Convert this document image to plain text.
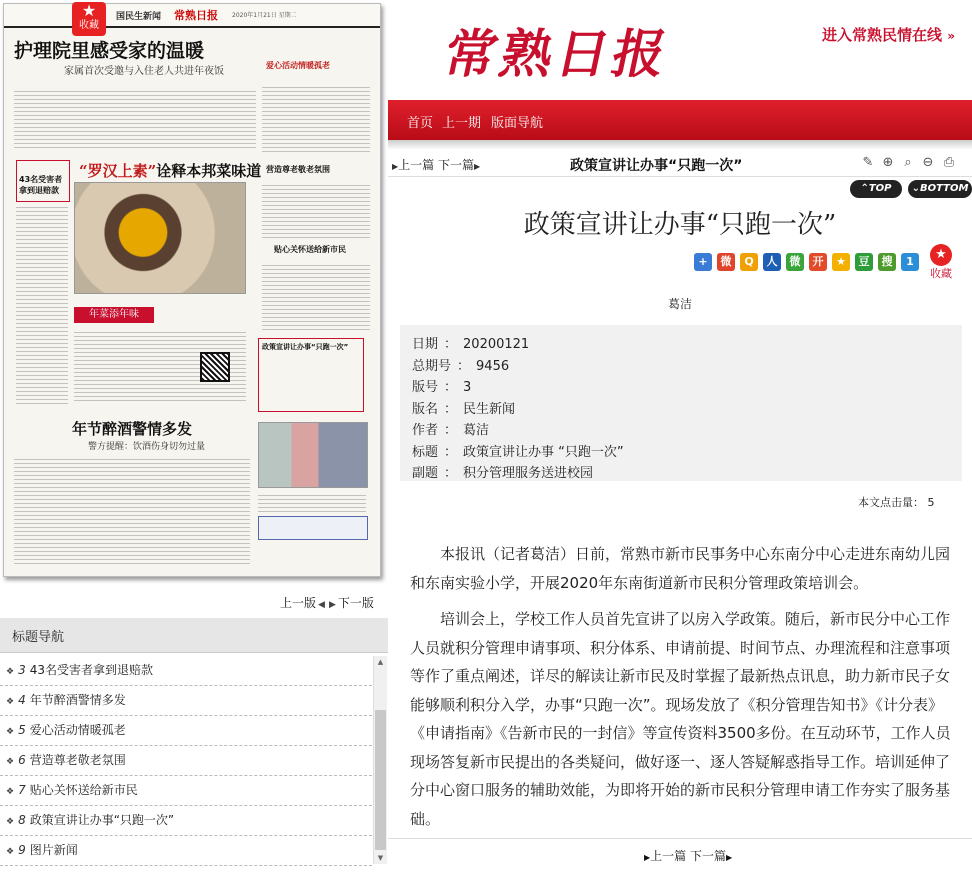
国民生新闻 常熟日报 2020年1月21日 星期二
护理院里感受家的温暖
家属首次受邀与入住老人共进年夜饭
爱心活动情暖孤老
43名受害者拿到退赔款
“罗汉上素”诠释本邦菜味道
年菜添年味
营造尊老敬老氛围
贴心关怀送给新市民
政策宣讲让办事“只跑一次”
年节醉酒警情多发
警方提醒：饮酒伤身切勿过量
★
收藏
上一版 ◀ ▶ 下一版
标题导航
❖ 3 43名受害者拿到退赔款
❖ 4 年节醉酒警情多发
❖ 5 爱心活动情暖孤老
❖ 6 营造尊老敬老氛围
❖ 7 贴心关怀送给新市民
❖ 8 政策宣讲让办事“只跑一次”
❖ 9 图片新闻
▲
▼
常熟日报	进入常熟民情在线 »
首页 上一期 版面导航
▶上一篇 下一篇▶	政策宣讲让办事“只跑一次”	✎ ⊕ ⌕ ⊖ ⎙
⌃TOP	⌄BOTTOM
政策宣讲让办事“只跑一次”
+	微	Q	人	微	开	★	豆	搜	1	★
收藏
葛洁
日期 ： 20200121
总期号 ： 9456
版号 ： 3
版名 ： 民生新闻
作者 ： 葛洁
标题 ： 政策宣讲让办事 “只跑一次”
副题 ： 积分管理服务送进校园
本文点击量： 5

本报讯（记者葛洁）日前，常熟市新市民事务中心东南分中心走进东南幼儿园和东南实验小学，开展2020年东南街道新市民积分管理政策培训会。

培训会上，学校工作人员首先宣讲了以房入学政策。随后，新市民分中心工作人员就积分管理申请事项、积分体系、申请前提、时间节点、办理流程和注意事项等作了重点阐述，详尽的解读让新市民及时掌握了最新热点讯息，助力新市民子女能够顺利积分入学，办事“只跑一次”。现场发放了《积分管理告知书》《计分表》《申请指南》《告新市民的一封信》等宣传资料3500多份。在互动环节，工作人员现场答复新市民提出的各类疑问，做好逐一、逐人答疑解惑指导工作。培训延伸了分中心窗口服务的辅助效能，为即将开始的新市民积分管理申请工作夯实了服务基础。

▶上一篇 下一篇▶
